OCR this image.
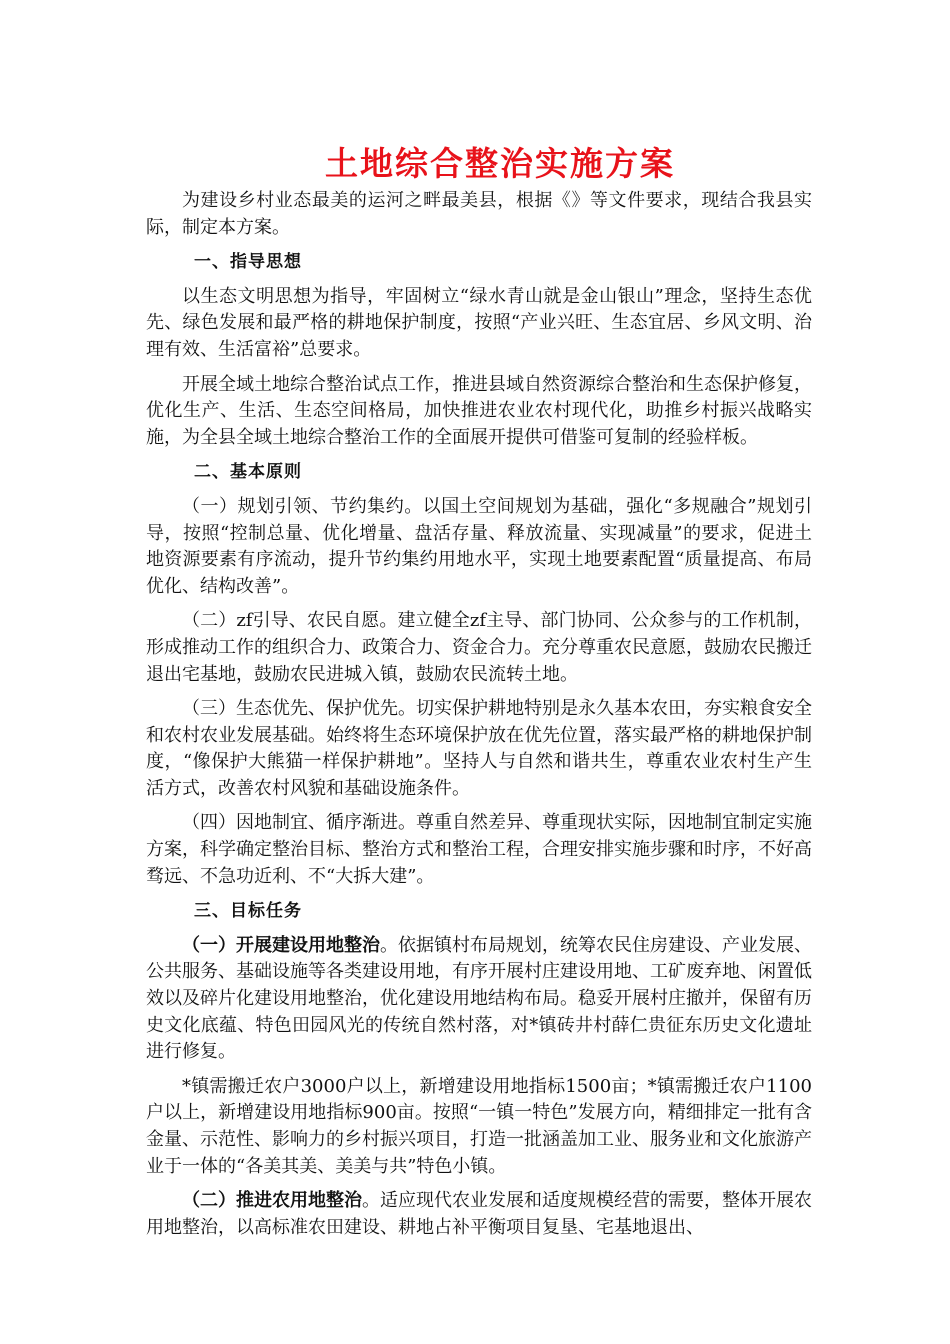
土地综合整治实施方案

为建设乡村业态最美的运河之畔最美县，根据《》等文件要求，现结合我县实际，制定本方案。

一、指导思想

以生态文明思想为指导，牢固树立“绿水青山就是金山银山”理念，坚持生态优先、绿色发展和最严格的耕地保护制度，按照“产业兴旺、生态宜居、乡风文明、治理有效、生活富裕”总要求。

开展全域土地综合整治试点工作，推进县域自然资源综合整治和生态保护修复，优化生产、生活、生态空间格局，加快推进农业农村现代化，助推乡村振兴战略实施，为全县全域土地综合整治工作的全面展开提供可借鉴可复制的经验样板。

二、基本原则

（一）规划引领、节约集约。以国土空间规划为基础，强化“多规融合”规划引导，按照“控制总量、优化增量、盘活存量、释放流量、实现减量”的要求，促进土地资源要素有序流动，提升节约集约用地水平，实现土地要素配置“质量提高、布局优化、结构改善”。

（二）zf引导、农民自愿。建立健全zf主导、部门协同、公众参与的工作机制，形成推动工作的组织合力、政策合力、资金合力。充分尊重农民意愿，鼓励农民搬迁退出宅基地，鼓励农民进城入镇，鼓励农民流转土地。

（三）生态优先、保护优先。切实保护耕地特别是永久基本农田，夯实粮食安全和农村农业发展基础。始终将生态环境保护放在优先位置，落实最严格的耕地保护制度，“像保护大熊猫一样保护耕地”。坚持人与自然和谐共生，尊重农业农村生产生活方式，改善农村风貌和基础设施条件。

（四）因地制宜、循序渐进。尊重自然差异、尊重现状实际，因地制宜制定实施方案，科学确定整治目标、整治方式和整治工程，合理安排实施步骤和时序，不好高骛远、不急功近利、不“大拆大建”。

三、目标任务

（一）开展建设用地整治。依据镇村布局规划，统筹农民住房建设、产业发展、公共服务、基础设施等各类建设用地，有序开展村庄建设用地、工矿废弃地、闲置低效以及碎片化建设用地整治，优化建设用地结构布局。稳妥开展村庄撤并，保留有历史文化底蕴、特色田园风光的传统自然村落，对*镇砖井村薛仁贵征东历史文化遗址进行修复。

*镇需搬迁农户3000户以上，新增建设用地指标1500亩；*镇需搬迁农户1100户以上，新增建设用地指标900亩。按照“一镇一特色”发展方向，精细排定一批有含金量、示范性、影响力的乡村振兴项目，打造一批涵盖加工业、服务业和文化旅游产业于一体的“各美其美、美美与共”特色小镇。

（二）推进农用地整治。适应现代农业发展和适度规模经营的需要，整体开展农用地整治，以高标准农田建设、耕地占补平衡项目复垦、宅基地退出、
